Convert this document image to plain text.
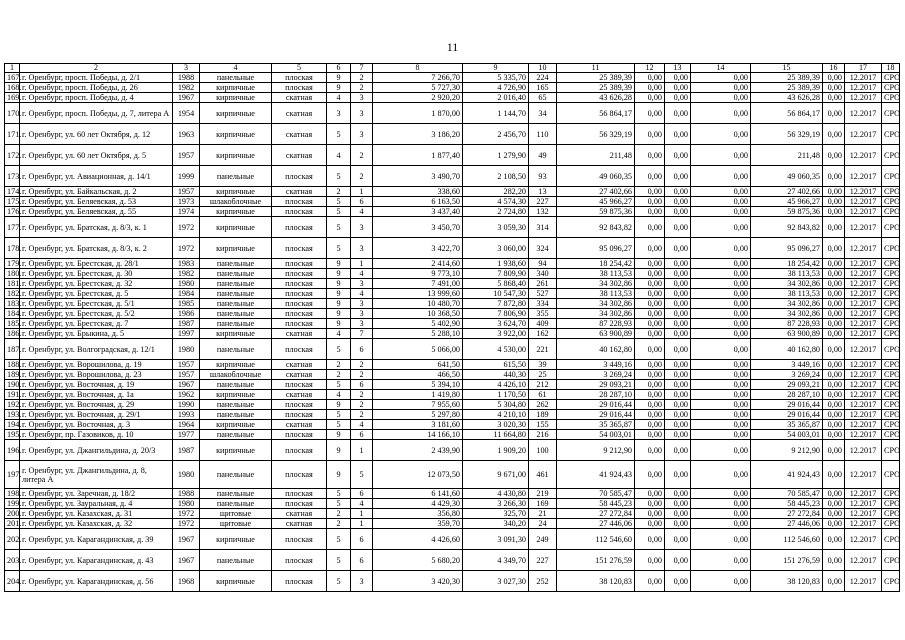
11
1	2	3	4	5	6	7	8	9	10	11	12	13	14	15	16	17	18
167.	г. Оренбург, просп. Победы, д. 2/1	1988	панельные	плоская	9	2	7 266,70	5 335,70	224	25 389,39	0,00	0,00	0,00	25 389,39	0,00	12.2017	СРО
168.	г. Оренбург, просп. Победы, д. 26	1982	кирпичные	плоская	9	2	5 727,30	4 726,90	165	25 389,39	0,00	0,00	0,00	25 389,39	0,00	12.2017	СРО
169.	г. Оренбург, просп. Победы, д. 4	1967	кирпичные	скатная	4	3	2 920,20	2 016,40	65	43 626,28	0,00	0,00	0,00	43 626,28	0,00	12.2017	СРО
170.	г. Оренбург, просп. Победы, д. 7, литера А	1954	кирпичные	скатная	3	3	1 870,00	1 144,70	34	56 864,17	0,00	0,00	0,00	56 864,17	0,00	12.2017	СРО
171.	г. Оренбург, ул. 60 лет Октября, д. 12	1963	кирпичные	скатная	5	3	3 186,20	2 456,70	110	56 329,19	0,00	0,00	0,00	56 329,19	0,00	12.2017	СРО
172.	г. Оренбург, ул. 60 лет Октября, д. 5	1957	кирпичные	скатная	4	2	1 877,40	1 279,90	49	211,48	0,00	0,00	0,00	211,48	0,00	12.2017	СРО
173.	г. Оренбург, ул. Авиационная, д. 14/1	1999	панельные	плоская	5	2	3 490,70	2 108,50	93	49 060,35	0,00	0,00	0,00	49 060,35	0,00	12.2017	СРО
174.	г. Оренбург, ул. Байкальская, д. 2	1957	кирпичные	скатная	2	1	338,60	282,20	13	27 402,66	0,00	0,00	0,00	27 402,66	0,00	12.2017	СРО
175.	г. Оренбург, ул. Беляевская, д. 53	1973	шлакоблочные	плоская	5	6	6 163,50	4 574,30	227	45 966,27	0,00	0,00	0,00	45 966,27	0,00	12.2017	СРО
176.	г. Оренбург, ул. Беляевская, д. 55	1974	кирпичные	плоская	5	4	3 437,40	2 724,80	132	59 875,36	0,00	0,00	0,00	59 875,36	0,00	12.2017	СРО
177.	г. Оренбург, ул. Братская, д. 8/3, к. 1	1972	кирпичные	плоская	5	3	3 450,70	3 059,30	314	92 843,82	0,00	0,00	0,00	92 843,82	0,00	12.2017	СРО
178.	г. Оренбург, ул. Братская, д. 8/3, к. 2	1972	кирпичные	плоская	5	3	3 422,70	3 060,00	324	95 096,27	0,00	0,00	0,00	95 096,27	0,00	12.2017	СРО
179.	г. Оренбург, ул. Брестская, д. 28/1	1983	панельные	плоская	9	1	2 414,60	1 938,60	94	18 254,42	0,00	0,00	0,00	18 254,42	0,00	12.2017	СРО
180.	г. Оренбург, ул. Брестская, д. 30	1982	панельные	плоская	9	4	9 773,10	7 809,90	340	38 113,53	0,00	0,00	0,00	38 113,53	0,00	12.2017	СРО
181.	г. Оренбург, ул. Брестская, д. 32	1980	панельные	плоская	9	3	7 491,00	5 868,40	261	34 302,86	0,00	0,00	0,00	34 302,86	0,00	12.2017	СРО
182.	г. Оренбург, ул. Брестская, д. 5	1984	панельные	плоская	9	4	13 999,60	10 547,30	527	38 113,53	0,00	0,00	0,00	38 113,53	0,00	12.2017	СРО
183.	г. Оренбург, ул. Брестская, д. 5/1	1985	панельные	плоская	9	3	10 480,70	7 872,80	334	34 302,86	0,00	0,00	0,00	34 302,86	0,00	12.2017	СРО
184.	г. Оренбург, ул. Брестская, д. 5/2	1986	панельные	плоская	9	3	10 368,50	7 806,90	355	34 302,86	0,00	0,00	0,00	34 302,86	0,00	12.2017	СРО
185.	г. Оренбург, ул. Брестская, д. 7	1987	панельные	плоская	9	3	5 402,90	3 624,70	409	87 228,93	0,00	0,00	0,00	87 228,93	0,00	12.2017	СРО
186.	г. Оренбург, ул. Брыкина, д. 5	1997	кирпичные	скатная	4	7	5 288,10	3 922,00	162	63 900,89	0,00	0,00	0,00	63 900,89	0,00	12.2017	СРО
187.	г. Оренбург, ул. Волгоградская, д. 12/1	1980	панельные	плоская	5	6	5 066,00	4 530,00	221	40 162,80	0,00	0,00	0,00	40 162,80	0,00	12.2017	СРО
188.	г. Оренбург, ул. Ворошилова, д. 19	1957	кирпичные	скатная	2	2	641,50	615,50	39	3 449,16	0,00	0,00	0,00	3 449,16	0,00	12.2017	СРО
189.	г. Оренбург, ул. Ворошилова, д. 23	1957	шлакоблочные	скатная	2	2	466,50	440,30	25	3 269,24	0,00	0,00	0,00	3 269,24	0,00	12.2017	СРО
190.	г. Оренбург, ул. Восточная, д. 19	1967	панельные	плоская	5	6	5 394,10	4 426,10	212	29 093,21	0,00	0,00	0,00	29 093,21	0,00	12.2017	СРО
191.	г. Оренбург, ул. Восточная, д. 1а	1962	кирпичные	скатная	4	2	1 419,80	1 170,50	61	28 287,10	0,00	0,00	0,00	28 287,10	0,00	12.2017	СРО
192.	г. Оренбург, ул. Восточная, д. 29	1990	панельные	плоская	9	2	7 955,60	5 304,80	262	29 016,44	0,00	0,00	0,00	29 016,44	0,00	12.2017	СРО
193.	г. Оренбург, ул. Восточная, д. 29/1	1993	панельные	плоская	5	2	5 297,80	4 210,10	189	29 016,44	0,00	0,00	0,00	29 016,44	0,00	12.2017	СРО
194.	г. Оренбург, ул. Восточная, д. 3	1964	кирпичные	скатная	5	4	3 181,60	3 020,30	155	35 365,87	0,00	0,00	0,00	35 365,87	0,00	12.2017	СРО
195.	г. Оренбург, пр. Газовиков, д. 10	1977	панельные	плоская	9	6	14 166,10	11 664,80	216	54 003,01	0,00	0,00	0,00	54 003,01	0,00	12.2017	СРО
196.	г. Оренбург, ул. Джангильдина, д. 20/3	1987	кирпичные	плоская	9	1	2 439,90	1 909,20	100	9 212,90	0,00	0,00	0,00	9 212,90	0,00	12.2017	СРО
197.	г. Оренбург, ул. Джангильдина, д. 8, литера А	1980	панельные	плоская	9	5	12 073,50	9 671,00	461	41 924,43	0,00	0,00	0,00	41 924,43	0,00	12.2017	СРО
198.	г. Оренбург, ул. Заречная, д. 18/2	1988	панельные	плоская	5	6	6 141,60	4 430,80	219	70 585,47	0,00	0,00	0,00	70 585,47	0,00	12.2017	СРО
199.	г. Оренбург, ул. Зауральная, д. 4	1980	панельные	плоская	5	4	4 429,30	3 266,30	169	58 445,23	0,00	0,00	0,00	58 445,23	0,00	12.2017	СРО
200.	г. Оренбург, ул. Казахская, д. 31	1972	щитовые	скатная	2	1	356,80	325,70	21	27 272,84	0,00	0,00	0,00	27 272,84	0,00	12.2017	СРО
201.	г. Оренбург, ул. Казахская, д. 32	1972	щитовые	скатная	2	1	359,70	340,20	24	27 446,06	0,00	0,00	0,00	27 446,06	0,00	12.2017	СРО
202.	г. Оренбург, ул. Карагандинская, д. 39	1967	кирпичные	плоская	5	6	4 426,60	3 091,30	249	112 546,60	0,00	0,00	0,00	112 546,60	0,00	12.2017	СРО
203.	г. Оренбург, ул. Карагандинская, д. 43	1967	панельные	плоская	5	6	5 680,20	4 349,70	227	151 276,59	0,00	0,00	0,00	151 276,59	0,00	12.2017	СРО
204.	г. Оренбург, ул. Карагандинская, д. 56	1968	кирпичные	плоская	5	3	3 420,30	3 027,30	252	38 120,83	0,00	0,00	0,00	38 120,83	0,00	12.2017	СРО
